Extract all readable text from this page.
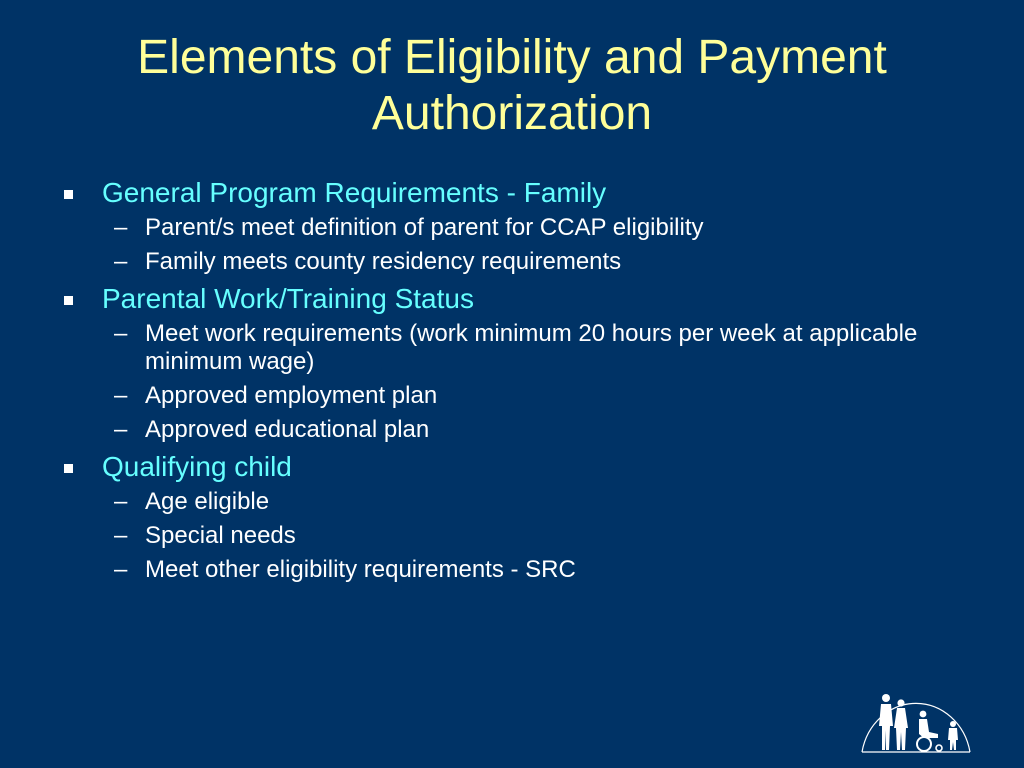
Elements of Eligibility and Payment Authorization
General Program Requirements - Family
– Parent/s meet definition of parent for CCAP eligibility
– Family meets county residency requirements
Parental Work/Training Status
– Meet work requirements (work minimum 20 hours per week at applicable minimum wage)
– Approved employment plan
– Approved educational plan
Qualifying child
– Age eligible
– Special needs
– Meet other eligibility requirements - SRC
